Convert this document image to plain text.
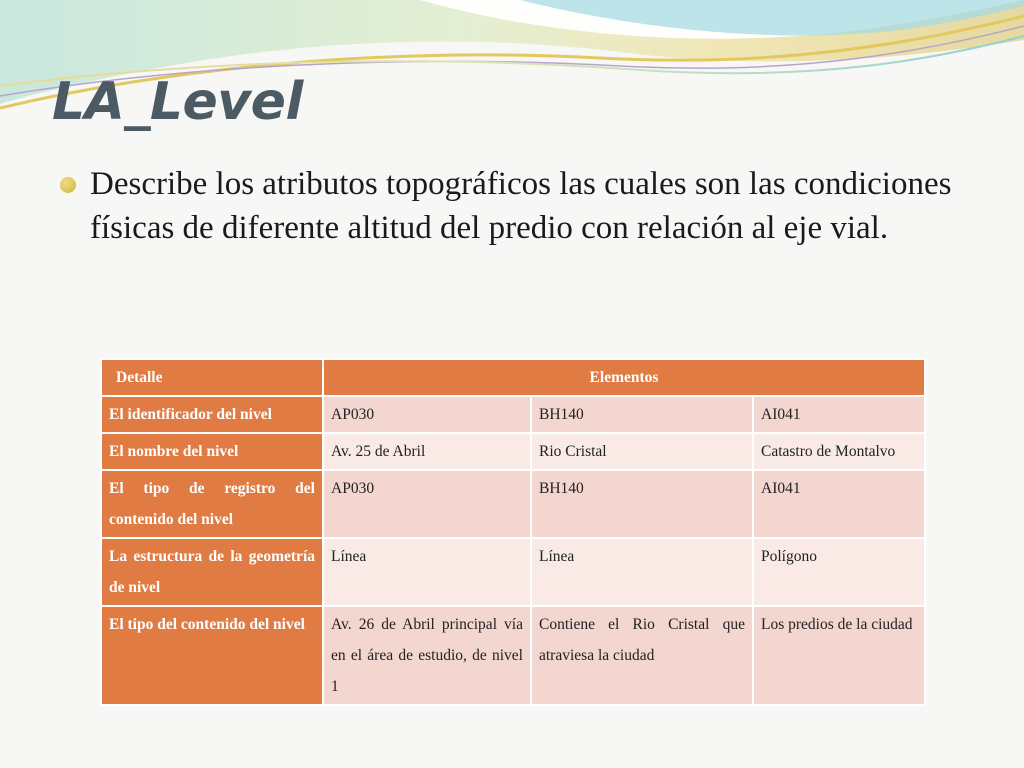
LA_Level

Describe los atributos topográficos las cuales son las condiciones físicas de diferente altitud del predio con relación al eje vial.

Detalle	Elementos		
El identificador del nivel	AP030	BH140	AI041
El nombre del nivel	Av. 25 de Abril	Rio Cristal	Catastro de Montalvo
El tipo de registro del contenido del nivel	AP030	BH140	AI041
La estructura de la geometría de nivel	Línea	Línea	Polígono
El tipo del contenido del nivel	Av. 26 de Abril principal vía en el área de estudio, de nivel 1	Contiene el Rio Cristal que atraviesa la ciudad	Los predios de la ciudad
